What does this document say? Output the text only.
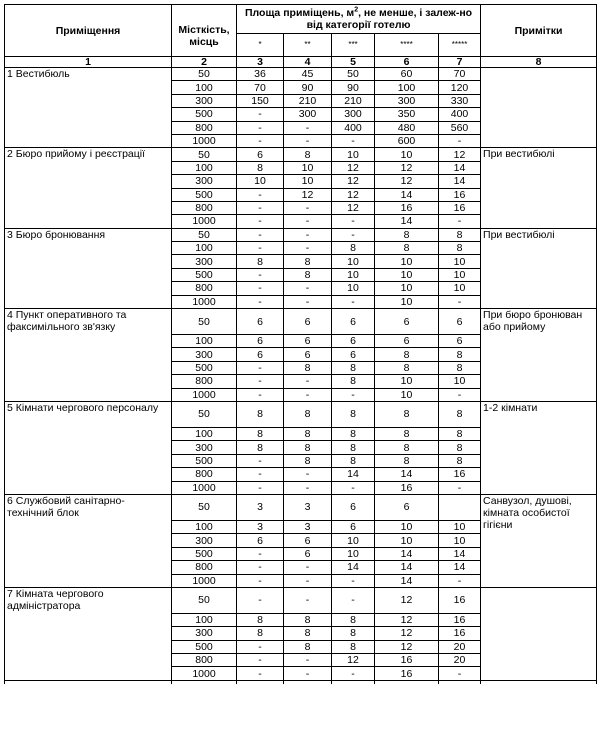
Приміщення	Місткість, місць	Площа приміщень, $м^2$, не менше, і залеж-но від категорії готелю					Примітки
		*	**	***	****	*****	
1	2	3	4	5	6	7	8
1 Вестибюль	50	36	45	50	60	70	
	100	70	90	90	100	120	
	300	150	210	210	300	330	
	500	-	300	300	350	400	
	800	-	-	400	480	560	
	1000	-	-	-	600	-	
2 Бюро прийому і реєстрації	50	6	8	10	10	12	При вестибюлі
	100	8	10	12	12	14	
	300	10	10	12	12	14	
	500	-	12	12	14	16	
	800	-	-	12	16	16	
	1000	-	-	-	14	-	
3 Бюро бронювання	50	-	-	-	8	8	При вестибюлі
	100	-	-	8	8	8	
	300	8	8	10	10	10	
	500	-	8	10	10	10	
	800	-	-	10	10	10	
	1000	-	-	-	10	-	
4 Пункт оперативного та факсимільного зв'язку	50	6	6	6	6	6	При бюро бронюван або прийому
	100	6	6	6	6	6	
	300	6	6	6	8	8	
	500	-	8	8	8	8	
	800	-	-	8	10	10	
	1000	-	-	-	10	-	
5 Кімнати чергового персоналу	50	8	8	8	8	8	1-2 кімнати
	100	8	8	8	8	8	
	300	8	8	8	8	8	
	500	-	8	8	8	8	
	800	-	-	14	14	16	
	1000	-	-	-	16	-	
6 Службовий санітарно-технічний блок	50	3	3	6	6		Санвузол, душові, кімната особистої гігієни
	100	3	3	6	10	10	
	300	6	6	10	10	10	
	500	-	6	10	14	14	
	800	-	-	14	14	14	
	1000	-	-	-	14	-	
7 Кімната чергового адміністратора	50	-	-	-	12	16	
	100	8	8	8	12	16	
	300	8	8	8	12	16	
	500	-	8	8	12	20	
	800	-	-	12	16	20	
	1000	-	-	-	16	-	
